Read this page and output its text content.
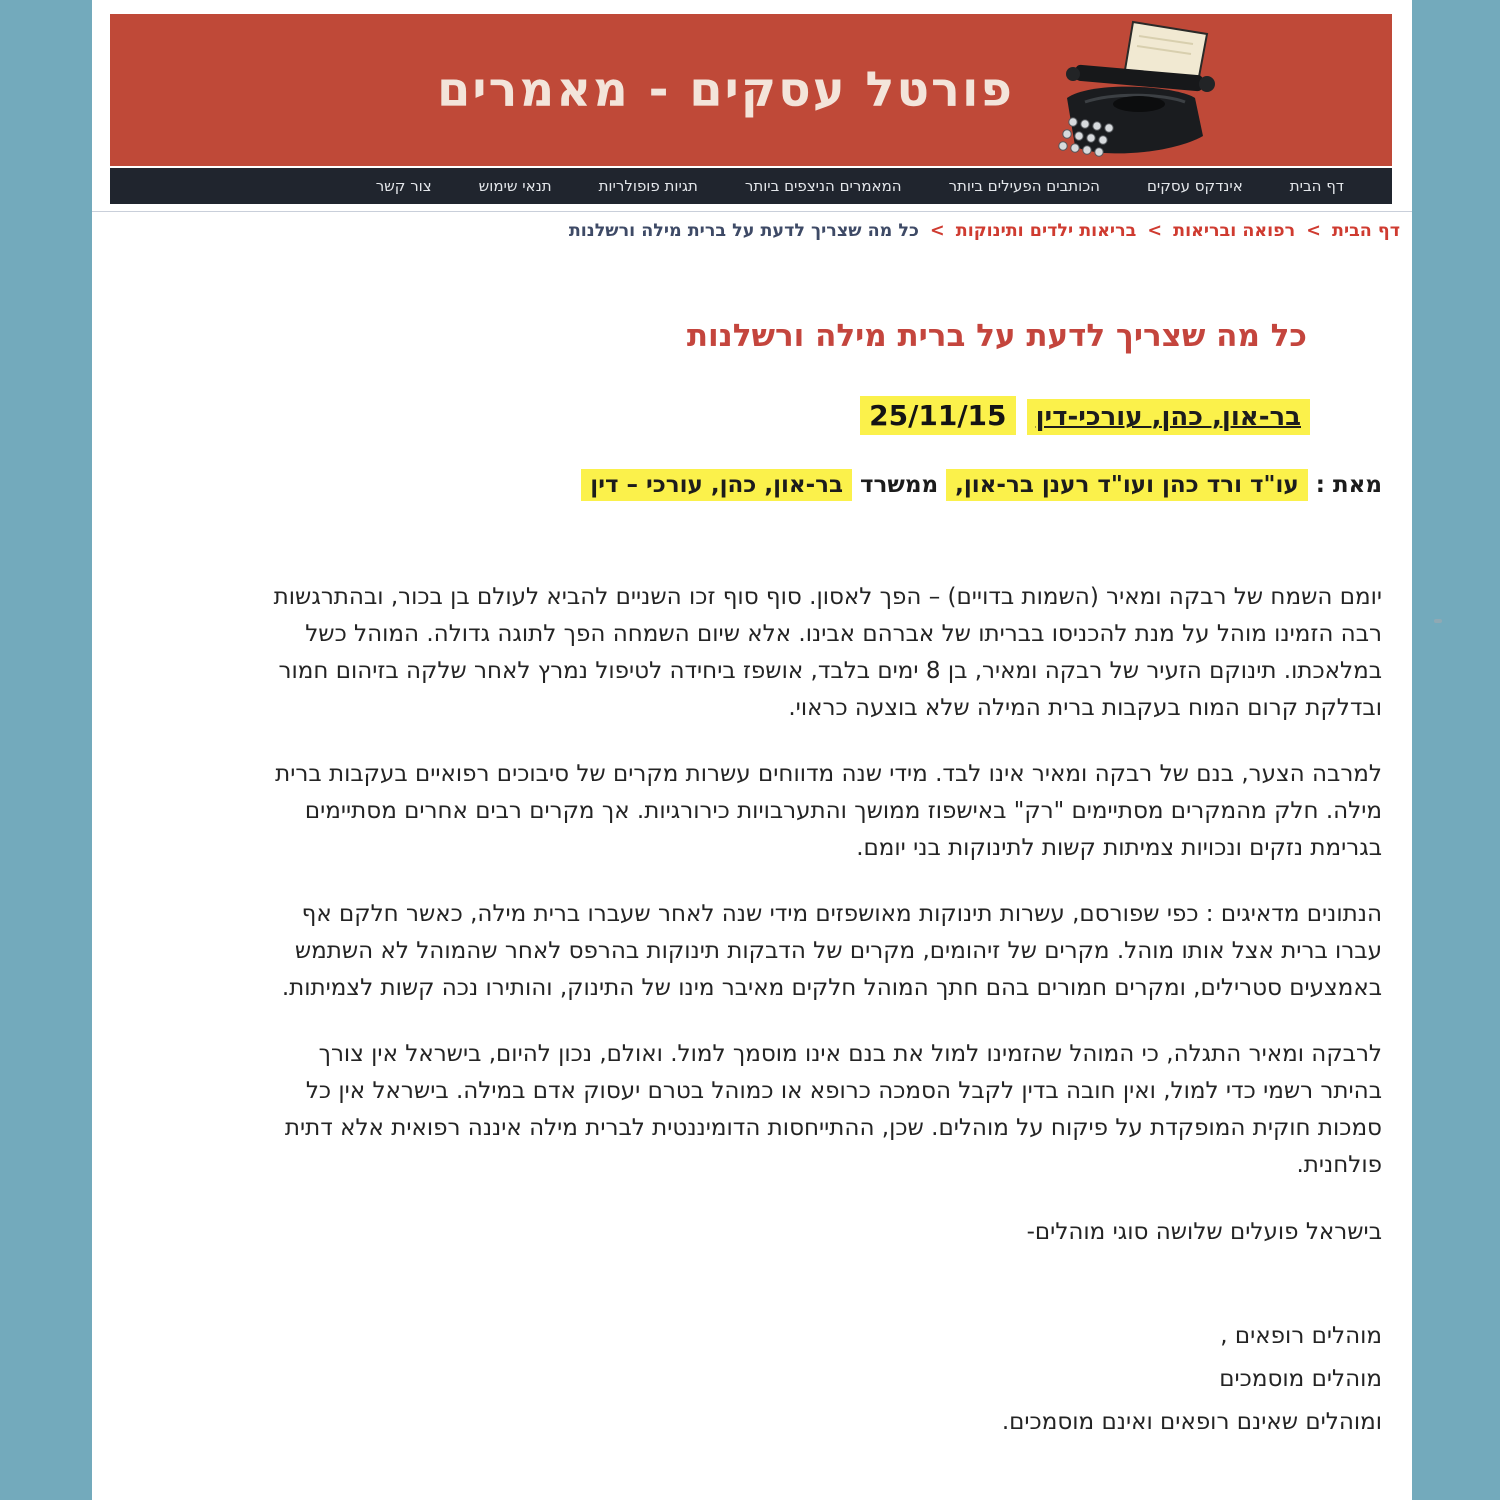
פורטל עסקים - מאמרים
דף הבית
אינדקס עסקים
הכותבים הפעילים ביותר
המאמרים הניצפים ביותר
תגיות פופולריות
תנאי שימוש
צור קשר
דף הבית > רפואה ובריאות > בריאות ילדים ותינוקות > כל מה שצריך לדעת על ברית מילה ורשלנות
כל מה שצריך לדעת על ברית מילה ורשלנות
בר-און, כהן, עורכי-דין 25/11/15
מאת : עו"ד ורד כהן ועו"ד רענן בר-און, ממשרד בר-און, כהן, עורכי – דין

יומם השמח של רבקה ומאיר (השמות בדויים) – הפך לאסון. סוף סוף זכו השניים להביא לעולם בן בכור, ובהתרגשות רבה הזמינו מוהל על מנת להכניסו בבריתו של אברהם אבינו. אלא שיום השמחה הפך לתוגה גדולה. המוהל כשל במלאכתו. תינוקם הזעיר של רבקה ומאיר, בן 8 ימים בלבד, אושפז ביחידה לטיפול נמרץ לאחר שלקה בזיהום חמור ובדלקת קרום המוח בעקבות ברית המילה שלא בוצעה כראוי.

למרבה הצער, בנם של רבקה ומאיר אינו לבד. מידי שנה מדווחים עשרות מקרים של סיבוכים רפואיים בעקבות ברית מילה. חלק מהמקרים מסתיימים "רק" באישפוז ממושך והתערבויות כירורגיות. אך מקרים רבים אחרים מסתיימים בגרימת נזקים ונכויות צמיתות קשות לתינוקות בני יומם.

הנתונים מדאיגים : כפי שפורסם, עשרות תינוקות מאושפזים מידי שנה לאחר שעברו ברית מילה, כאשר חלקם אף עברו ברית אצל אותו מוהל. מקרים של זיהומים, מקרים של הדבקות תינוקות בהרפס לאחר שהמוהל לא השתמש באמצעים סטרילים, ומקרים חמורים בהם חתך המוהל חלקים מאיבר מינו של התינוק, והותירו נכה קשות לצמיתות.

לרבקה ומאיר התגלה, כי המוהל שהזמינו למול את בנם אינו מוסמך למול. ואולם, נכון להיום, בישראל אין צורך בהיתר רשמי כדי למול, ואין חובה בדין לקבל הסמכה כרופא או כמוהל בטרם יעסוק אדם במילה. בישראל אין כל סמכות חוקית המופקדת על פיקוח על מוהלים. שכן, ההתייחסות הדומיננטית לברית מילה איננה רפואית אלא דתית פולחנית.

בישראל פועלים שלושה סוגי מוהלים-
מוהלים רופאים ,
מוהלים מוסמכים
ומוהלים שאינם רופאים ואינם מוסמכים.
